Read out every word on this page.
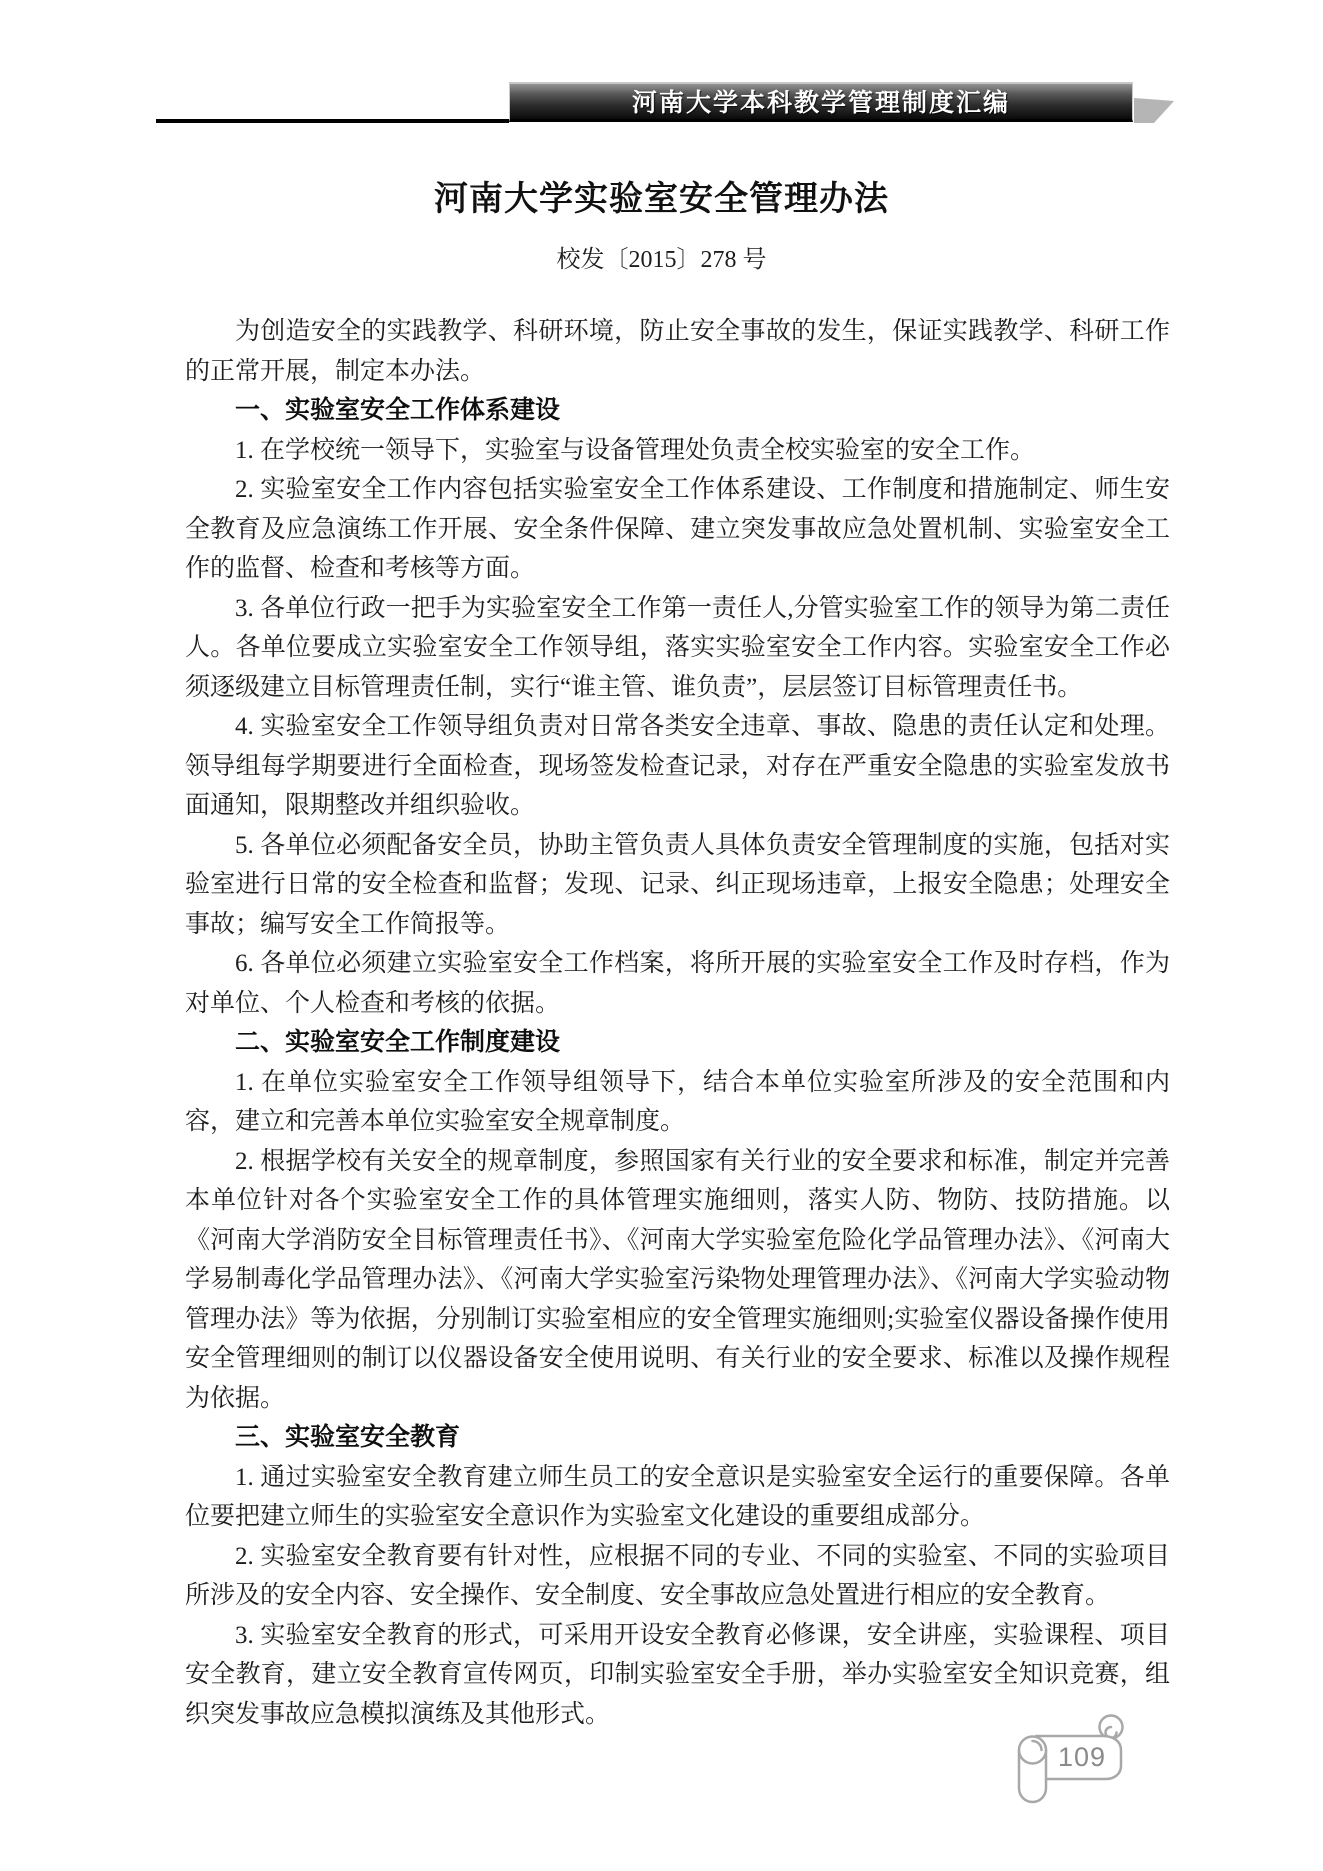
河南大学本科教学管理制度汇编
河南大学实验室安全管理办法
校发〔2015〕278 号

为创造安全的实践教学、科研环境，防止安全事故的发生，保证实践教学、科研工作的正常开展，制定本办法。

一、实验室安全工作体系建设

1. 在学校统一领导下，实验室与设备管理处负责全校实验室的安全工作。

2. 实验室安全工作内容包括实验室安全工作体系建设、工作制度和措施制定、师生安全教育及应急演练工作开展、安全条件保障、建立突发事故应急处置机制、实验室安全工作的监督、检查和考核等方面。

3. 各单位行政一把手为实验室安全工作第一责任人,分管实验室工作的领导为第二责任人。各单位要成立实验室安全工作领导组，落实实验室安全工作内容。实验室安全工作必须逐级建立目标管理责任制，实行“谁主管、谁负责”，层层签订目标管理责任书。

4. 实验室安全工作领导组负责对日常各类安全违章、事故、隐患的责任认定和处理。领导组每学期要进行全面检查，现场签发检查记录，对存在严重安全隐患的实验室发放书面通知，限期整改并组织验收。

5. 各单位必须配备安全员，协助主管负责人具体负责安全管理制度的实施，包括对实验室进行日常的安全检查和监督；发现、记录、纠正现场违章，上报安全隐患；处理安全事故；编写安全工作简报等。

6. 各单位必须建立实验室安全工作档案，将所开展的实验室安全工作及时存档，作为对单位、个人检查和考核的依据。

二、实验室安全工作制度建设

1. 在单位实验室安全工作领导组领导下，结合本单位实验室所涉及的安全范围和内容，建立和完善本单位实验室安全规章制度。

2. 根据学校有关安全的规章制度，参照国家有关行业的安全要求和标准，制定并完善本单位针对各个实验室安全工作的具体管理实施细则，落实人防、物防、技防措施。以《河南大学消防安全目标管理责任书》、《河南大学实验室危险化学品管理办法》、《河南大学易制毒化学品管理办法》、《河南大学实验室污染物处理管理办法》、《河南大学实验动物管理办法》等为依据，分别制订实验室相应的安全管理实施细则;实验室仪器设备操作使用安全管理细则的制订以仪器设备安全使用说明、有关行业的安全要求、标准以及操作规程为依据。

三、实验室安全教育

1. 通过实验室安全教育建立师生员工的安全意识是实验室安全运行的重要保障。各单位要把建立师生的实验室安全意识作为实验室文化建设的重要组成部分。

2. 实验室安全教育要有针对性，应根据不同的专业、不同的实验室、不同的实验项目所涉及的安全内容、安全操作、安全制度、安全事故应急处置进行相应的安全教育。

3. 实验室安全教育的形式，可采用开设安全教育必修课，安全讲座，实验课程、项目安全教育，建立安全教育宣传网页，印制实验室安全手册，举办实验室安全知识竞赛，组织突发事故应急模拟演练及其他形式。

109
